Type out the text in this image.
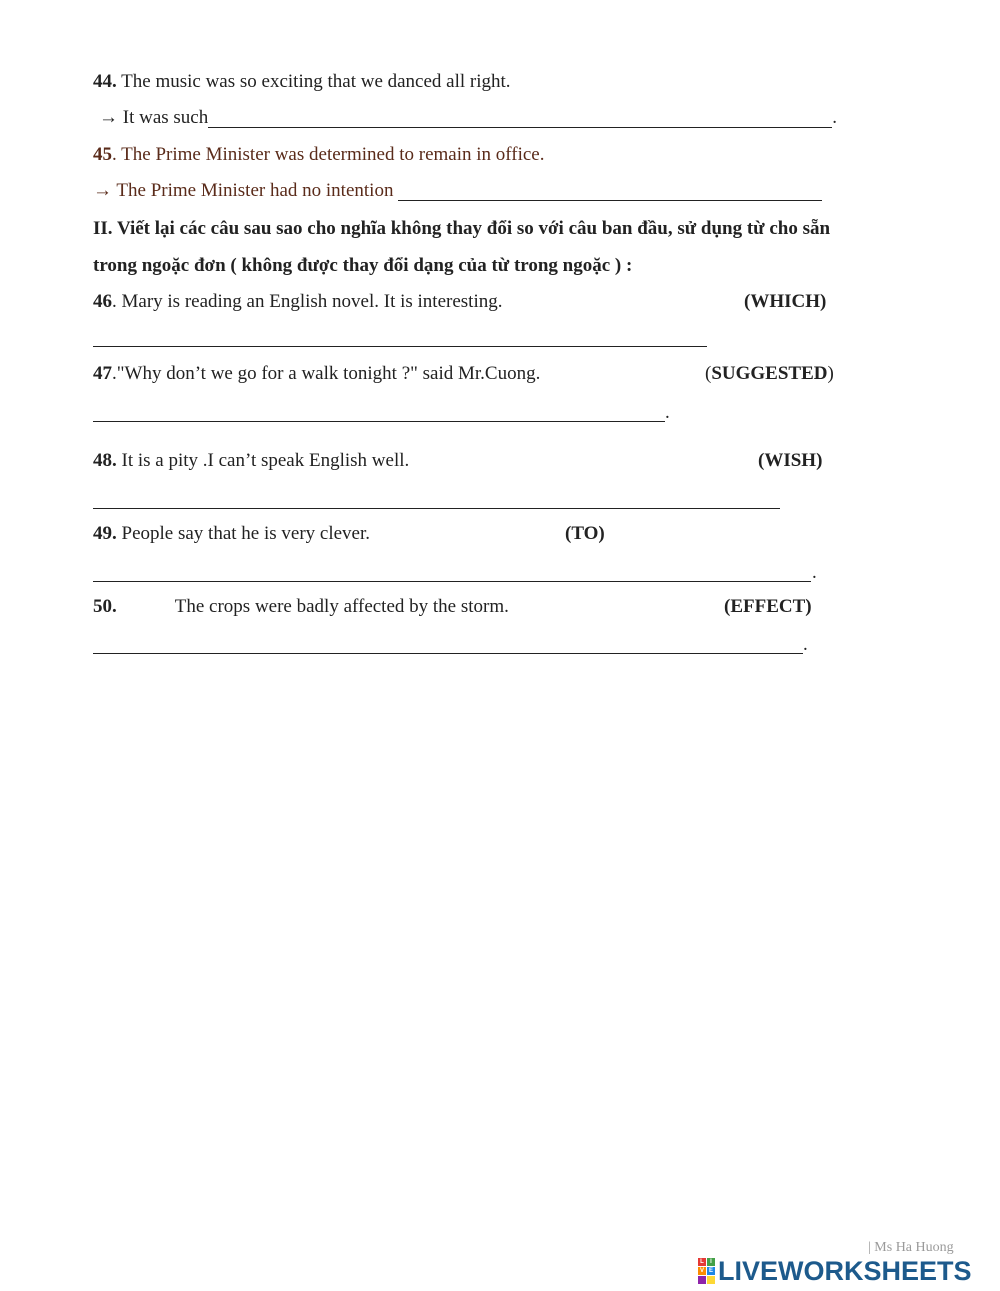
44. The music was so exciting that we danced all right.
→ It was such	.
45. The Prime Minister was determined to remain in office.
→ The Prime Minister had no intention
II. Viết lại các câu sau sao cho nghĩa không thay đổi so với câu ban đầu, sử dụng từ cho sẵn
trong ngoặc đơn ( không được thay đổi dạng của từ trong ngoặc ) :
46. Mary is reading an English novel. It is interesting.	(WHICH)
47."Why don’t we go for a walk tonight ?" said Mr.Cuong.	(SUGGESTED)
.
48. It is a pity .I can’t speak English well.	(WISH)
49. People say that he is very clever.	(TO)
.
50.	The crops were badly affected by the storm.	(EFFECT)
.
| Ms Ha Huong
L	I
V E LIVEWORKSHEETS
